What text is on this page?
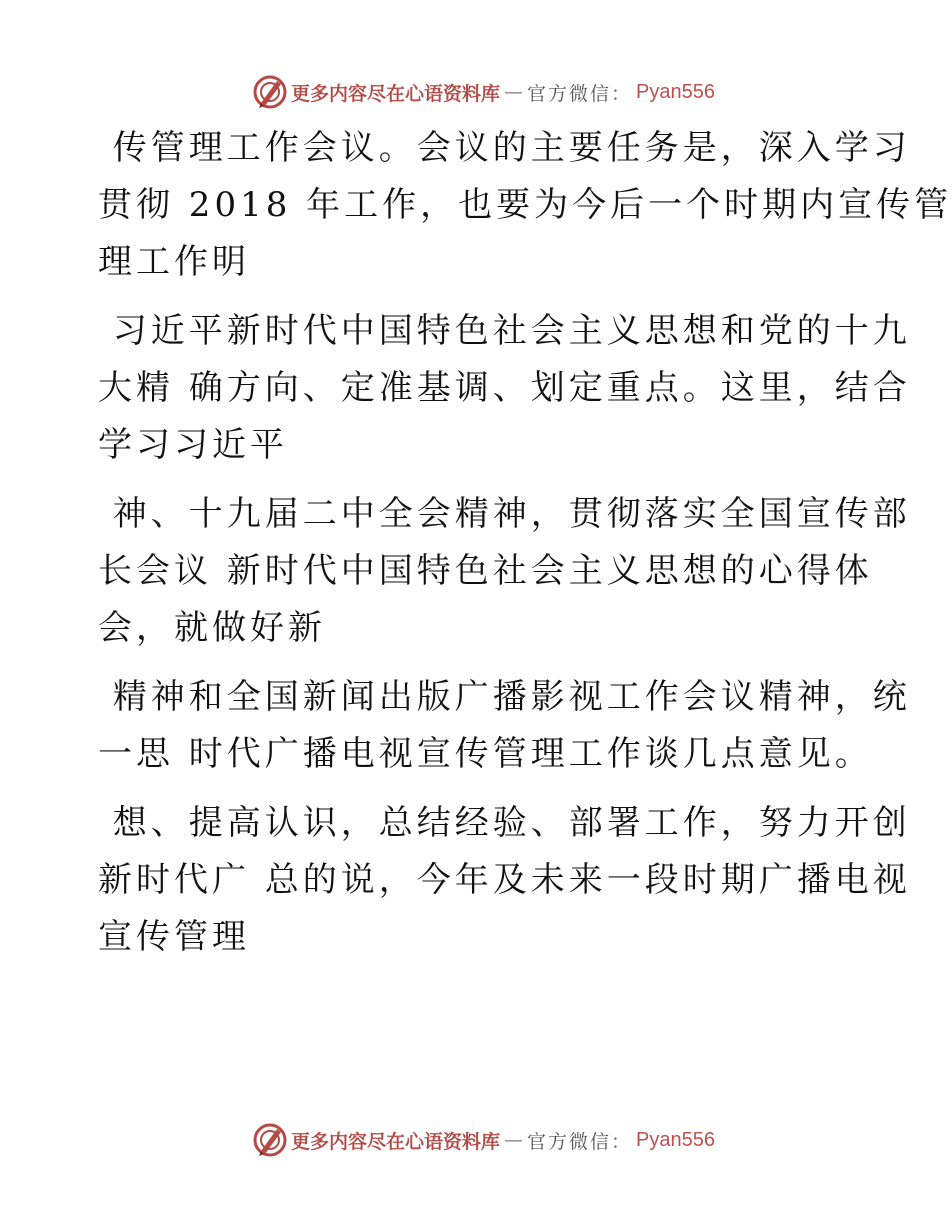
更多内容尽在心语资料库 — 官方微信： Pyan556
传管理工作会议。会议的主要任务是，深入学习
贯彻 2018 年工作，也要为今后一个时期内宣传管
理工作明
习近平新时代中国特色社会主义思想和党的十九
大精 确方向、定准基调、划定重点。这里，结合
学习习近平
神、十九届二中全会精神，贯彻落实全国宣传部
长会议 新时代中国特色社会主义思想的心得体
会，就做好新
精神和全国新闻出版广播影视工作会议精神，统
一思 时代广播电视宣传管理工作谈几点意见。
想、提高认识，总结经验、部署工作，努力开创
新时代广 总的说，今年及未来一段时期广播电视
宣传管理
更多内容尽在心语资料库 — 官方微信： Pyan556
